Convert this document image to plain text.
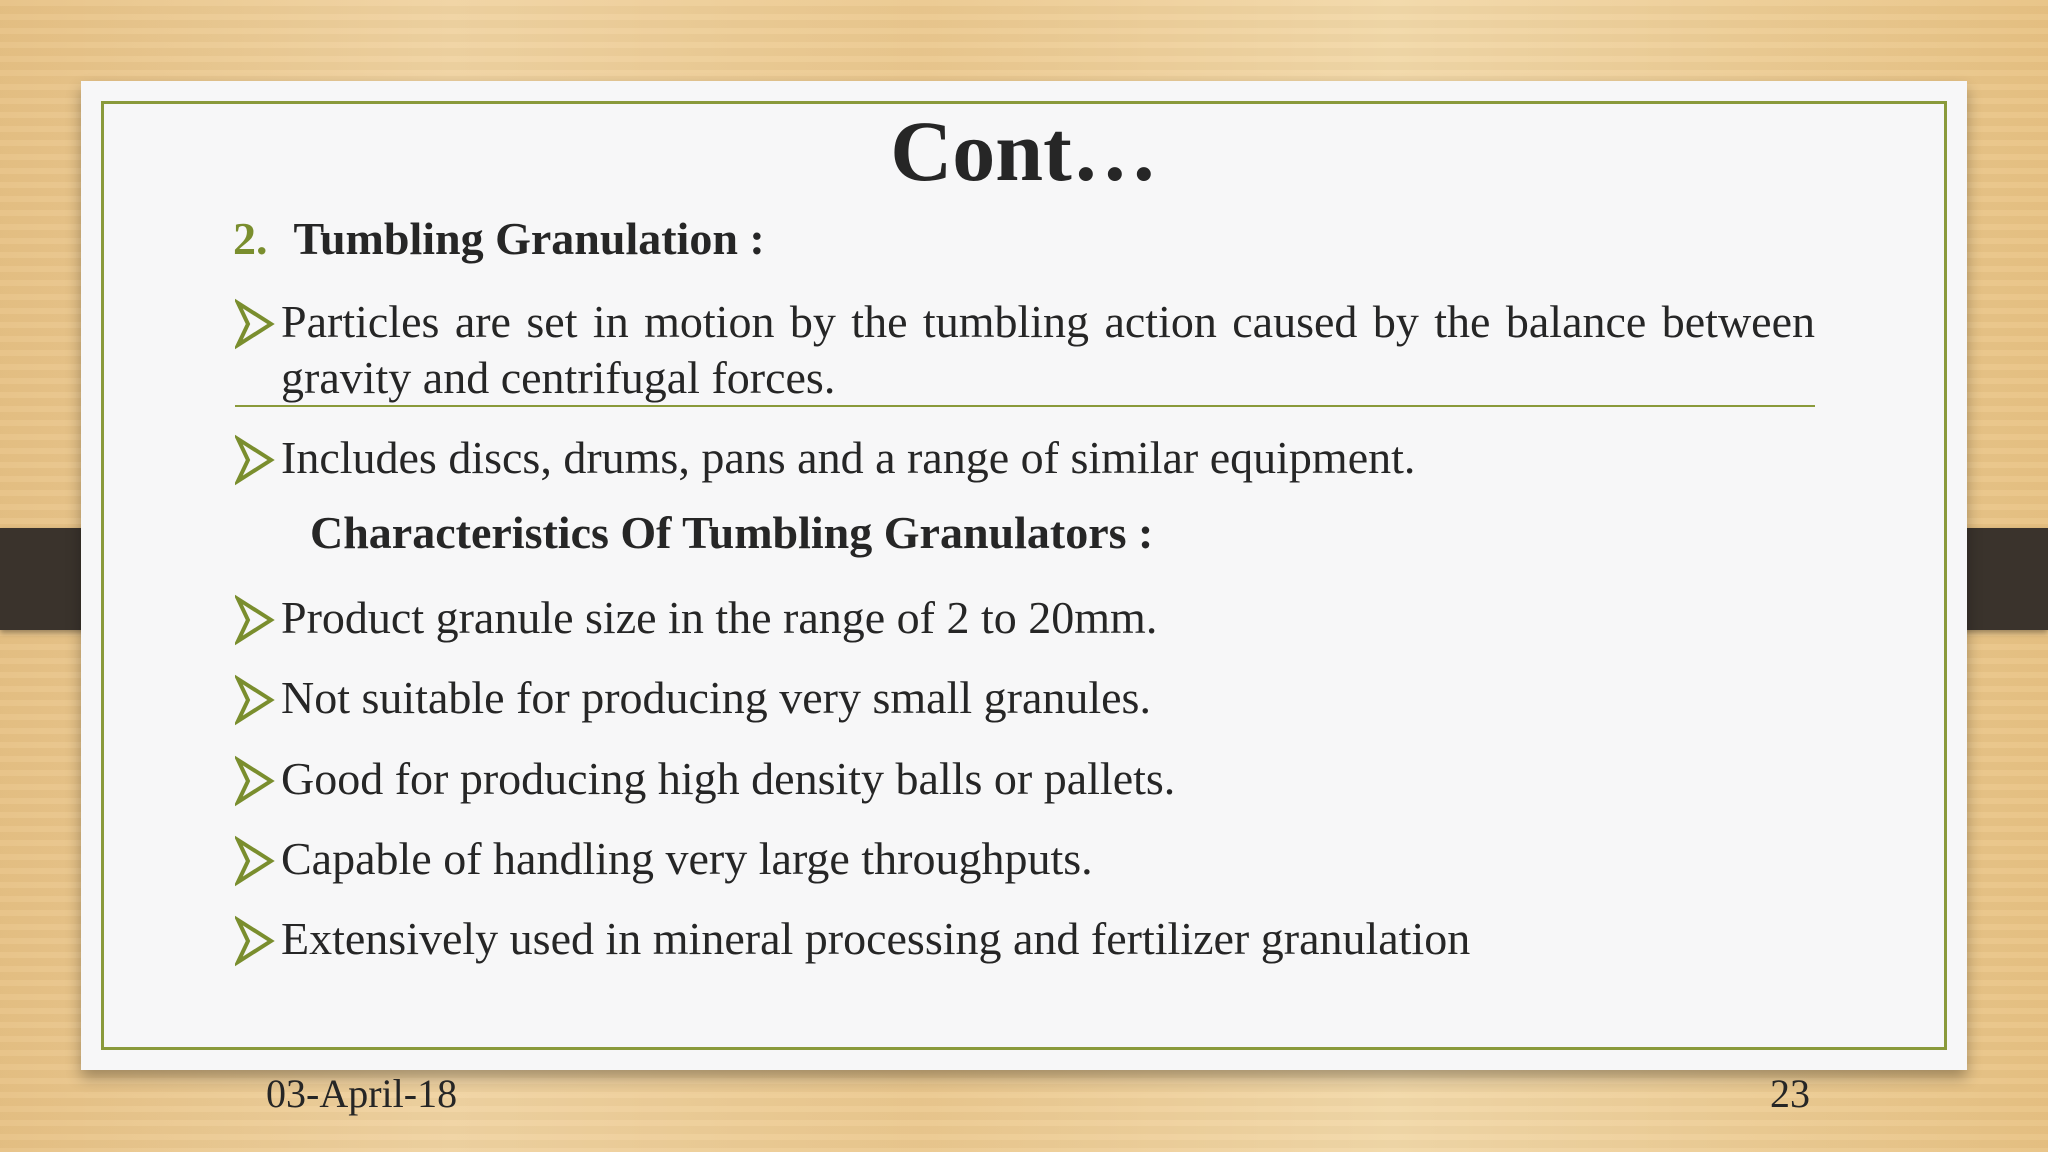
Cont…
2. Tumbling Granulation :
Particles are set in motion by the tumbling action caused by the balance between gravity and centrifugal forces.
Includes discs, drums, pans and a range of similar equipment.
Characteristics Of Tumbling Granulators :
Product granule size in the range of 2 to 20mm.
Not suitable for producing very small granules.
Good for producing high density balls or pallets.
Capable of handling very large throughputs.
Extensively used in mineral processing and fertilizer granulation
03-April-18	23
